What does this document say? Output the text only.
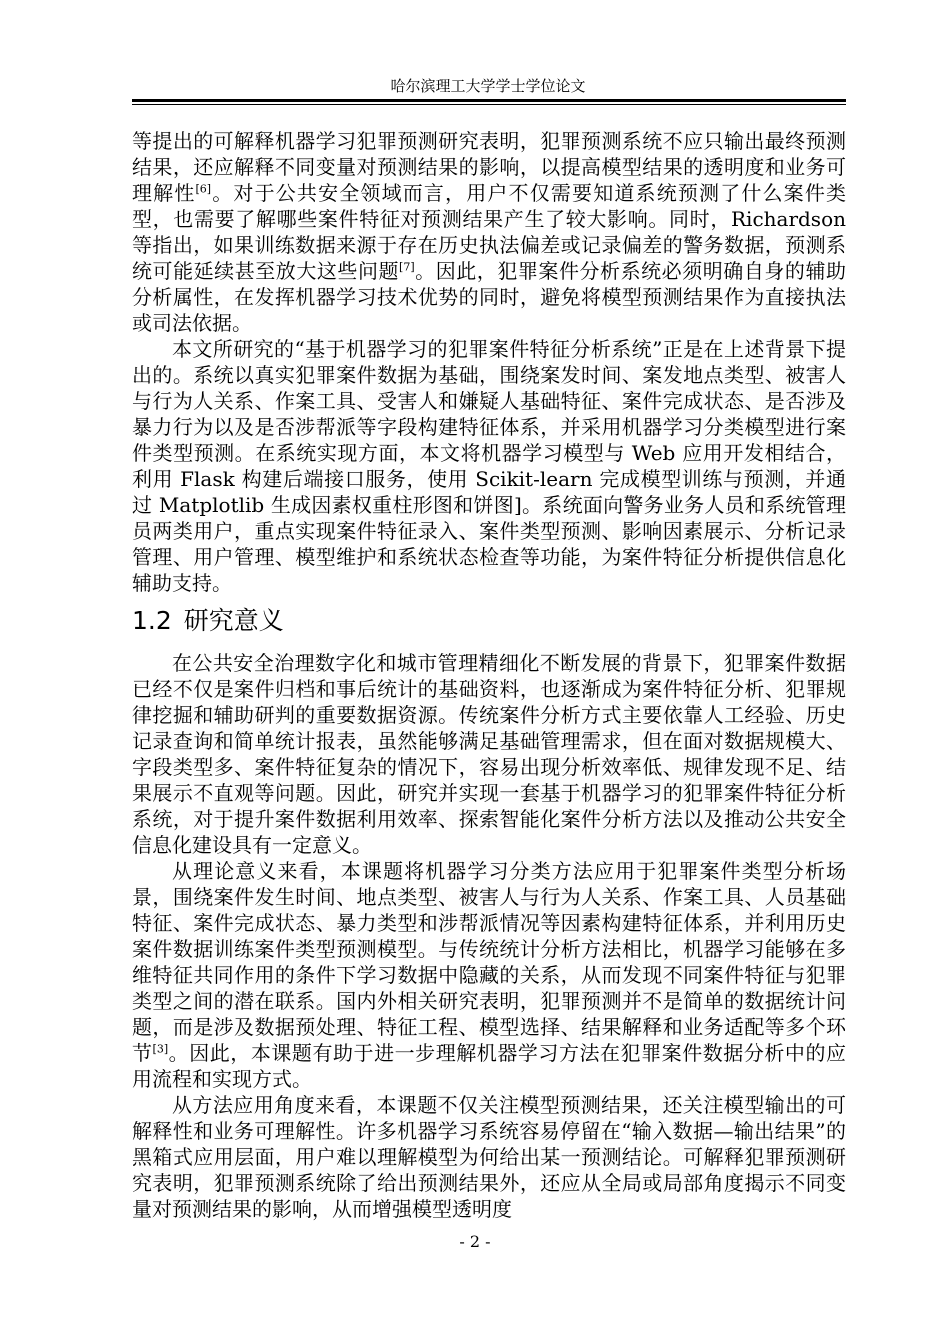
哈尔滨理工大学学士学位论文

等提出的可解释机器学习犯罪预测研究表明，犯罪预测系统不应只输出最终预测结果，还应解释不同变量对预测结果的影响，以提高模型结果的透明度和业务可理解性[6]。对于公共安全领域而言，用户不仅需要知道系统预测了什么案件类型，也需要了解哪些案件特征对预测结果产生了较大影响。同时，Richardson 等指出，如果训练数据来源于存在历史执法偏差或记录偏差的警务数据，预测系统可能延续甚至放大这些问题[7]。因此，犯罪案件分析系统必须明确自身的辅助分析属性，在发挥机器学习技术优势的同时，避免将模型预测结果作为直接执法或司法依据。

本文所研究的“基于机器学习的犯罪案件特征分析系统”正是在上述背景下提出的。系统以真实犯罪案件数据为基础，围绕案发时间、案发地点类型、被害人与行为人关系、作案工具、受害人和嫌疑人基础特征、案件完成状态、是否涉及暴力行为以及是否涉帮派等字段构建特征体系，并采用机器学习分类模型进行案件类型预测。在系统实现方面，本文将机器学习模型与 Web 应用开发相结合，利用 Flask 构建后端接口服务，使用 Scikit-learn 完成模型训练与预测，并通过 Matplotlib 生成因素权重柱形图和饼图]。系统面向警务业务人员和系统管理员两类用户，重点实现案件特征录入、案件类型预测、影响因素展示、分析记录管理、用户管理、模型维护和系统状态检查等功能，为案件特征分析提供信息化辅助支持。

1.2 研究意义

在公共安全治理数字化和城市管理精细化不断发展的背景下，犯罪案件数据已经不仅是案件归档和事后统计的基础资料，也逐渐成为案件特征分析、犯罪规律挖掘和辅助研判的重要数据资源。传统案件分析方式主要依靠人工经验、历史记录查询和简单统计报表，虽然能够满足基础管理需求，但在面对数据规模大、字段类型多、案件特征复杂的情况下，容易出现分析效率低、规律发现不足、结果展示不直观等问题。因此，研究并实现一套基于机器学习的犯罪案件特征分析系统，对于提升案件数据利用效率、探索智能化案件分析方法以及推动公共安全信息化建设具有一定意义。

从理论意义来看，本课题将机器学习分类方法应用于犯罪案件类型分析场景，围绕案件发生时间、地点类型、被害人与行为人关系、作案工具、人员基础特征、案件完成状态、暴力类型和涉帮派情况等因素构建特征体系，并利用历史案件数据训练案件类型预测模型。与传统统计分析方法相比，机器学习能够在多维特征共同作用的条件下学习数据中隐藏的关系，从而发现不同案件特征与犯罪类型之间的潜在联系。国内外相关研究表明，犯罪预测并不是简单的数据统计问题，而是涉及数据预处理、特征工程、模型选择、结果解释和业务适配等多个环节[3]。因此，本课题有助于进一步理解机器学习方法在犯罪案件数据分析中的应用流程和实现方式。

从方法应用角度来看，本课题不仅关注模型预测结果，还关注模型输出的可解释性和业务可理解性。许多机器学习系统容易停留在“输入数据—输出结果”的黑箱式应用层面，用户难以理解模型为何给出某一预测结论。可解释犯罪预测研究表明，犯罪预测系统除了给出预测结果外，还应从全局或局部角度揭示不同变量对预测结果的影响，从而增强模型透明度

- 2 -
